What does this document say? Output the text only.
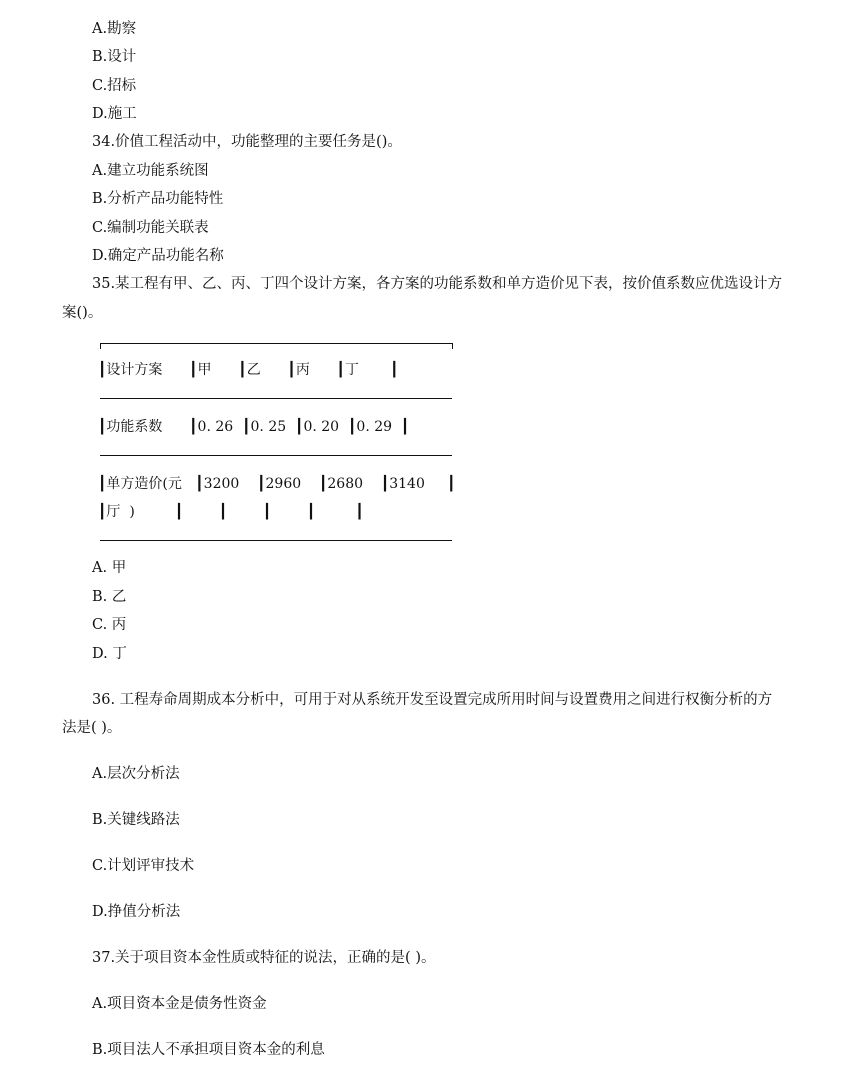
A.勘察
B.设计
C.招标
D.施工
34.价值工程活动中，功能整理的主要任务是()。
A.建立功能系统图
B.分析产品功能特性
C.编制功能关联表
D.确定产品功能名称
35.某工程有甲、乙、丙、丁四个设计方案，各方案的功能系数和单方造价见下表，按价值系数应优选设计方
案()。
┃设计方案      ┃甲      ┃乙      ┃丙      ┃丁       ┃
┃功能系数      ┃0. 26  ┃0. 25  ┃0. 20  ┃0. 29  ┃
┃单方造价(元   ┃3200    ┃2960    ┃2680    ┃3140     ┃
┃厅  )         ┃        ┃        ┃        ┃         ┃
A. 甲
B. 乙
C. 丙
D. 丁
36. 工程寿命周期成本分析中，可用于对从系统开发至设置完成所用时间与设置费用之间进行权衡分析的方
法是( )。
A.层次分析法
B.关键线路法
C.计划评审技术
D.挣值分析法
37.关于项目资本金性质或特征的说法，正确的是( )。
A.项目资本金是债务性资金
B.项目法人不承担项目资本金的利息
